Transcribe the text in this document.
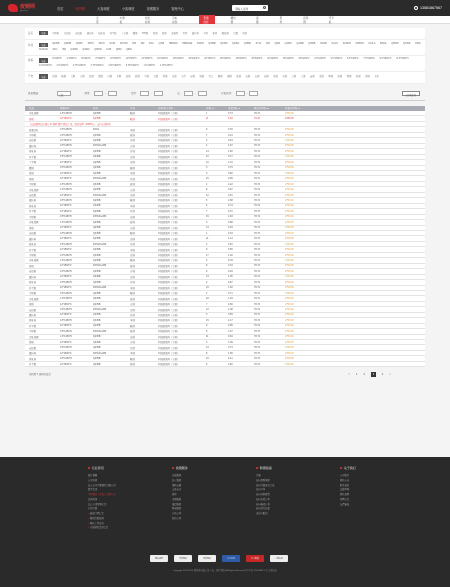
废钢网
ggang.cn	首页	现货网	大客调度	小客调度	找钢服务	管理中心	请输入关键	13581867567
全部
中厚板
热轧板卷
冷轧板卷
普通线材
螺纹钢
涂镀
型材
优特钢
开平板
品名	全部	中厚板 冷轧板 花纹板 镀锌卷 热轧卷 开平板 工字钢 槽钢 H型钢 角钢 圆钢 无缝管 焊管 镀锌管 方管 矩管 螺纹钢 盘螺 线材
材质	全部
Q235B Q345B Q345C SPHC SPCC DC01 DC51D 45# 20# 40Cr Q195 HRB400 HRB400E SS400 Q355B Q345D Q235A Q355D ST12 A36 Q690 Q460C Q420B Q390B SS490 SGCC S235JR S355JR CCS-A B510L Q550D Q345R 16Mn
SCM440 20Cr 35# Q460D Q390C Q500D 1045 Q890 Q960
规格	全部
3*1250*C 4*1500*C 6*1500*C 8*1800*C 10*1500*C 12*1500*C 14*1500*C 16*2000*C 18*1500*C 20*2000*C 22*1500*C 25*2000*C 30*2000*C 35*2200*C 40*2200*C 45*2200*C 50*2200*C 3.5*1250*C 5.5*1500*C 6.5*1500*C 7.5*1500*C 9.5*1800*C 11.5*1800*C
13.5*2000*C 2.5*1250*C 2.75*1250*C 3.75*1500*C 4.25*1500*C 5.75*1500*C 1.5*1250*C 1.75*1250*C
产地	全部	沙钢 鞍钢 首钢 宝钢 武钢 邯钢 日钢 本钢 新钢 韶钢 马钢 太钢 唐钢 包钢 兴澄 济钢 梅钢 营口 柳钢 湘钢 涟钢 安钢 南钢 莱钢 承钢 天钢 宁钢 八钢 凌钢 重钢 攀钢 昆钢 酒钢 杭钢 萍钢 荣程
品名筛选：	上海	厚度：	-	宽度：	-	长：	-	价格区间：	-
立即查询
品名	规格mm	材质	产地	仓库/加工(吨)	件数	重量(吨)	单价(元/吨)	价格(元/吨)
冷轧普碳	1.6*1250*C	Q235B	鞍钢	西城普钢库（金田）	1	0.73	78.72	2750.00
普板	12*1500*C	Q235B	鞍钢	西城普钢库（金田）	11	2.63	78.24	2780.00
上海废钢物资有限公司 钢材 现货 精品上架，低价处理（9087吨），支持在线购买
普通冷轧	0.5*1250*C	DC01	本钢	西城普钢库（金田）	9	0.78	78.72	2750.00
中厚板	0.5*1250*C	Q235B	新钢	西城普钢库（金田）	7	3.41	78.72	2750.00
花纹板	12*1500*C	Q235B	沙钢	西城普钢库（金田）	2	0.24	78.72	2750.00
镀锌卷	0.5*1250*C	DX51D+Z80	首钢	西城普钢库（金田）	4	1.67	78.72	2750.00
热轧卷	12*1500*C	Q235B	日钢	西城普钢库（金田）	13	1.52	78.72	2750.00
开平板	0.5*1250*C	Q345B	沙钢	西城普钢库（金田）	21	0.77	78.72	2750.00
工字钢	12*1500*C	Q235B	沙钢	西城普钢库（金田）	10	1.31	78.72	2750.00
槽钢	0.5*1250*C	Q235B	鞍钢	西城普钢库（金田）	3	0.79	78.72	2750.00
普板	12*1500*C	Q235B	本钢	西城普钢库（金田）	9	0.82	78.72	2750.00
普板	12*1500*C	DX51D+Z80	日钢	西城普钢库（金田）	16	0.99	78.72	2750.00
中厚板	0.5*1250*C	Q345B	新钢	西城普钢库（金田）	4	2.22	78.72	2750.00
冷轧普碳	1.6*1250*C	Q235B	首钢	西城普钢库（金田）	8	0.67	78.72	2750.00
花纹板	12*1500*C	DX51D+Z80	沙钢	西城普钢库（金田）	12	0.51	78.72	2750.00
镀锌卷	0.5*1250*C	Q235B	鞍钢	西城普钢库（金田）	5	1.58	78.72	2750.00
热轧卷	12*1500*C	Q345B	本钢	西城普钢库（金田）	6	0.74	78.72	2750.00
开平板	12*1500*C	Q235B	日钢	西城普钢库（金田）	7	0.72	78.72	2750.00
中厚板	0.5*1250*C	DX51D+Z80	沙钢	西城普钢库（金田）	15	1.83	78.72	2750.00
冷轧普碳	1.6*1250*C	Q235B	新钢	西城普钢库（金田）	2	0.68	78.72	2750.00
普板	12*1500*C	Q235B	首钢	西城普钢库（金田）	14	2.04	78.72	2750.00
花纹板	0.5*1250*C	Q345B	鞍钢	西城普钢库（金田）	1	0.33	78.72	2750.00
镀锌卷	12*1500*C	Q235B	沙钢	西城普钢库（金田）	11	1.14	78.72	2750.00
热轧卷	0.5*1250*C	DX51D+Z80	日钢	西城普钢库（金田）	3	0.91	78.72	2750.00
开平板	12*1500*C	Q235B	本钢	西城普钢库（金田）	9	0.56	78.72	2750.00
中厚板	0.5*1250*C	Q345B	沙钢	西城普钢库（金田）	17	1.26	78.72	2750.00
冷轧普碳	1.6*1250*C	Q235B	鞍钢	西城普钢库（金田）	5	0.78	78.72	2750.00
普板	12*1500*C	DX51D+Z80	新钢	西城普钢库（金田）	8	2.33	78.72	2750.00
花纹板	0.5*1250*C	Q235B	首钢	西城普钢库（金田）	6	0.49	78.72	2750.00
镀锌卷	12*1500*C	Q345B	沙钢	西城普钢库（金田）	13	1.05	78.72	2750.00
热轧卷	0.5*1250*C	Q235B	日钢	西城普钢库（金田）	4	0.87	78.72	2750.00
开平板	12*1500*C	DX51D+Z80	本钢	西城普钢库（金田）	10	1.62	78.72	2750.00
中厚板	0.5*1250*C	Q235B	鞍钢	西城普钢库（金田）	2	0.71	78.72	2750.00
冷轧普碳	1.6*1250*C	Q345B	新钢	西城普钢库（金田）	18	1.94	78.72	2750.00
普板	12*1500*C	Q235B	首钢	西城普钢库（金田）	7	0.66	78.72	2750.00
花纹板	0.5*1250*C	DX51D+Z80	沙钢	西城普钢库（金田）	12	1.38	78.72	2750.00
镀锌卷	12*1500*C	Q235B	日钢	西城普钢库（金田）	3	0.59	78.72	2750.00
热轧卷	0.5*1250*C	Q345B	本钢	西城普钢库（金田）	15	2.17	78.72	2750.00
开平板	12*1500*C	Q235B	鞍钢	西城普钢库（金田）	9	0.95	78.72	2750.00
中厚板	0.5*1250*C	DX51D+Z80	新钢	西城普钢库（金田）	6	1.47	78.72	2750.00
冷轧普碳	1.6*1250*C	Q235B	沙钢	西城普钢库（金田）	11	0.84	78.72	2750.00
普板	12*1500*C	Q345B	首钢	西城普钢库（金田）	4	1.09	78.72	2750.00
花纹板	0.5*1250*C	Q235B	日钢	西城普钢库（金田）	13	0.73	78.72	2750.00
镀锌卷	12*1500*C	DX51D+Z80	本钢	西城普钢库（金田）	8	1.56	78.72	2750.00
热轧卷	0.5*1250*C	Q235B	鞍钢	西城普钢库（金田）	16	2.41	78.72	2750.00
开平板	12*1500*C	Q345B	新钢	西城普钢库（金田）	5	0.62	78.72	2750.00
共找到 3 条相关信息	< 1 2	3	4 >
行业资讯
统计数据
公司业务
北京东方恒嘉钢铁有限公司
股票资讯
中国钢铁工业协会有限公司
品质控制
北京公司财务信息
在线注册
▪ 最新行情信息
▪ 钢铁指数新闻
▪ 网站工作资讯
▪ 其他钢铁资讯信息
找钢服务
仓储服务
加工服务
钢材运输
交易安全
质检
采购服务
融资服务
物流服务
在线订单
我的订单
购钢指南
注册
如何找到钢材
如何注册成为会员
如何下单
如何挂牌现货
如何查看订单
如何修改订单
如何进行结算
自提与配送
关于我们
公司简介
网站公告
联系我们
法律声明
网站地图
招聘信息
友情链接
网站备案	可信网站	诚信网站	安全认证	安全联盟	工商认证
Copyright 2011-2015 钢铁网有限公司 上海 · 浙江钢铁 All Rights Reserved 沪ICP备 11003087-1 沪公网安备
